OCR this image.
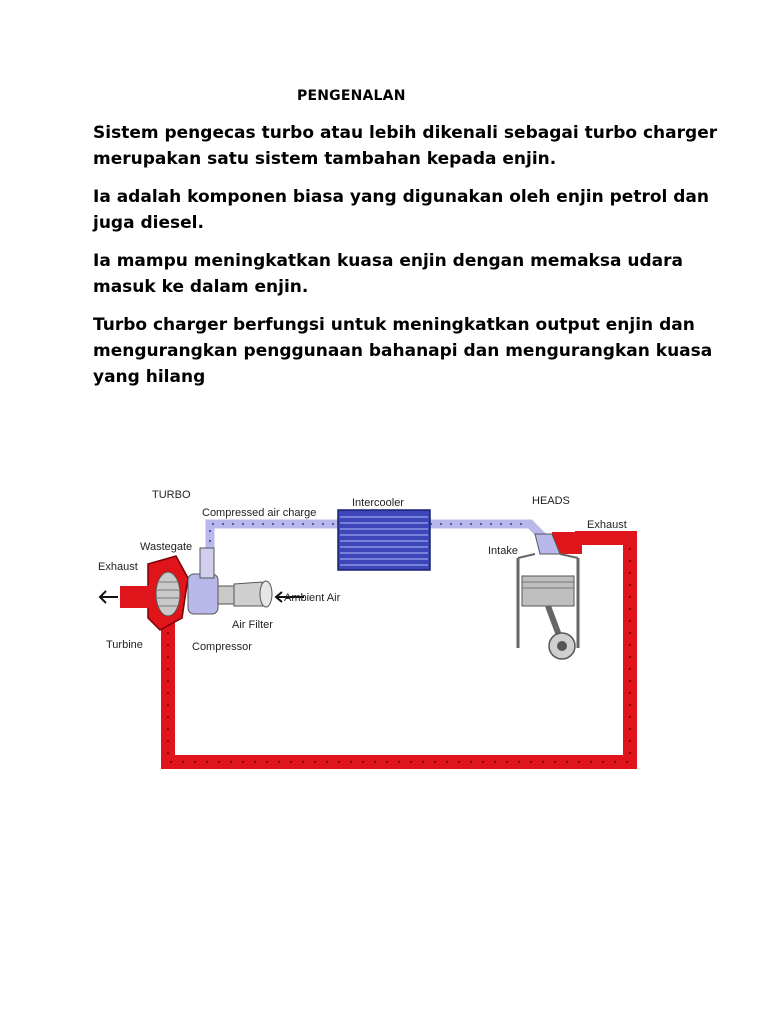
PENGENALAN

Sistem pengecas turbo atau lebih dikenali sebagai turbo charger merupakan satu sistem tambahan kepada enjin.

Ia adalah komponen biasa yang digunakan oleh enjin petrol dan juga diesel.

Ia mampu meningkatkan kuasa enjin dengan memaksa udara masuk ke dalam enjin.

Turbo charger berfungsi untuk meningkatkan output enjin dan mengurangkan penggunaan bahanapi dan mengurangkan kuasa yang hilang

TURBO
Compressed air charge
Intercooler	HEADS
Exhaust
Intake
Wastegate
Exhaust
Ambient Air
Air Filter
Turbine	Compressor
